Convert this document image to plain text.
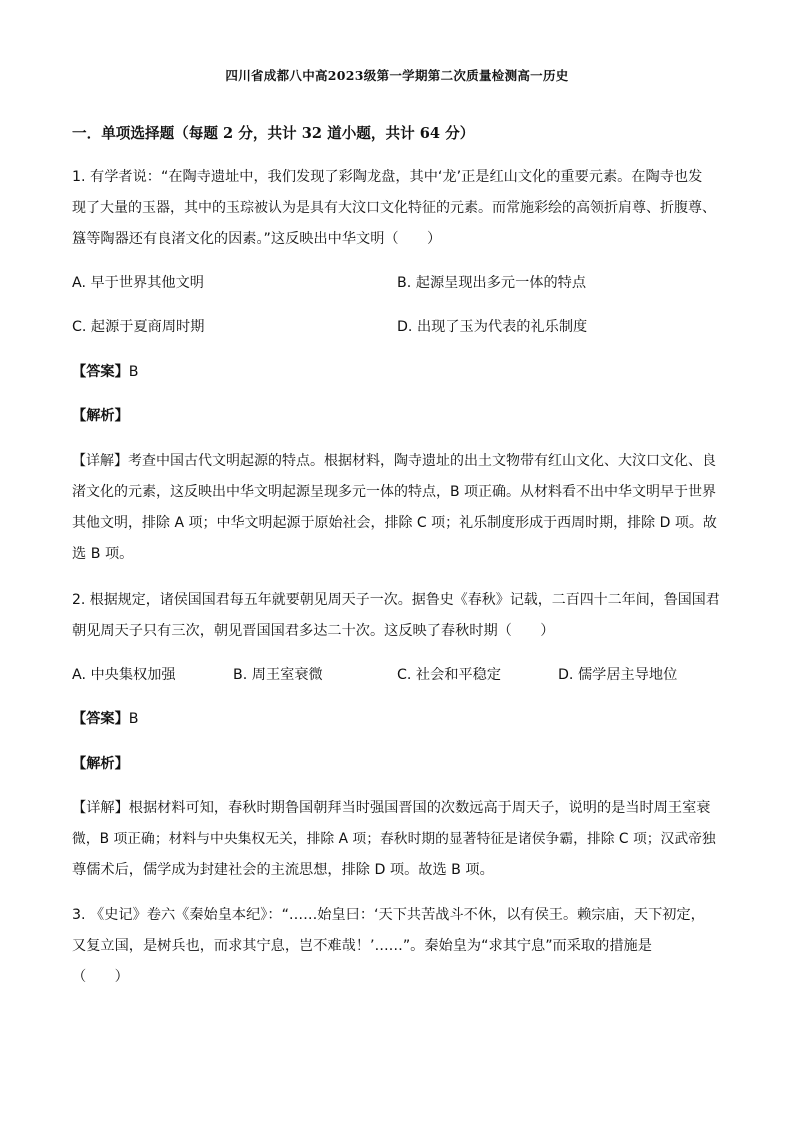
四川省成都八中高2023级第一学期第二次质量检测高一历史
一．单项选择题（每题 2 分，共计 32 道小题，共计 64 分）
1. 有学者说：“在陶寺遗址中，我们发现了彩陶龙盘，其中‘龙’正是红山文化的重要元素。在陶寺也发
现了大量的玉器，其中的玉琮被认为是具有大汶口文化特征的元素。而常施彩绘的高领折肩尊、折腹尊、
簋等陶器还有良渚文化的因素。”这反映出中华文明（　　）
A. 早于世界其他文明	B. 起源呈现出多元一体的特点
C. 起源于夏商周时期	D. 出现了玉为代表的礼乐制度
【答案】B
【解析】
【详解】考查中国古代文明起源的特点。根据材料，陶寺遗址的出土文物带有红山文化、大汶口文化、良
渚文化的元素，这反映出中华文明起源呈现多元一体的特点，B 项正确。从材料看不出中华文明早于世界
其他文明，排除 A 项；中华文明起源于原始社会，排除 C 项；礼乐制度形成于西周时期，排除 D 项。故
选 B 项。
2. 根据规定，诸侯国国君每五年就要朝见周天子一次。据鲁史《春秋》记载，二百四十二年间，鲁国国君
朝见周天子只有三次，朝见晋国国君多达二十次。这反映了春秋时期（　　）
A. 中央集权加强	B. 周王室衰微	C. 社会和平稳定	D. 儒学居主导地位
【答案】B
【解析】
【详解】根据材料可知，春秋时期鲁国朝拜当时强国晋国的次数远高于周天子，说明的是当时周王室衰
微，B 项正确；材料与中央集权无关，排除 A 项；春秋时期的显著特征是诸侯争霸，排除 C 项；汉武帝独
尊儒术后，儒学成为封建社会的主流思想，排除 D 项。故选 B 项。
3. 《史记》卷六《秦始皇本纪》：“……始皇曰：‘天下共苦战斗不休，以有侯王。赖宗庙，天下初定，
又复立国，是树兵也，而求其宁息，岂不难哉！’……”。秦始皇为“求其宁息”而采取的措施是
（　　）
